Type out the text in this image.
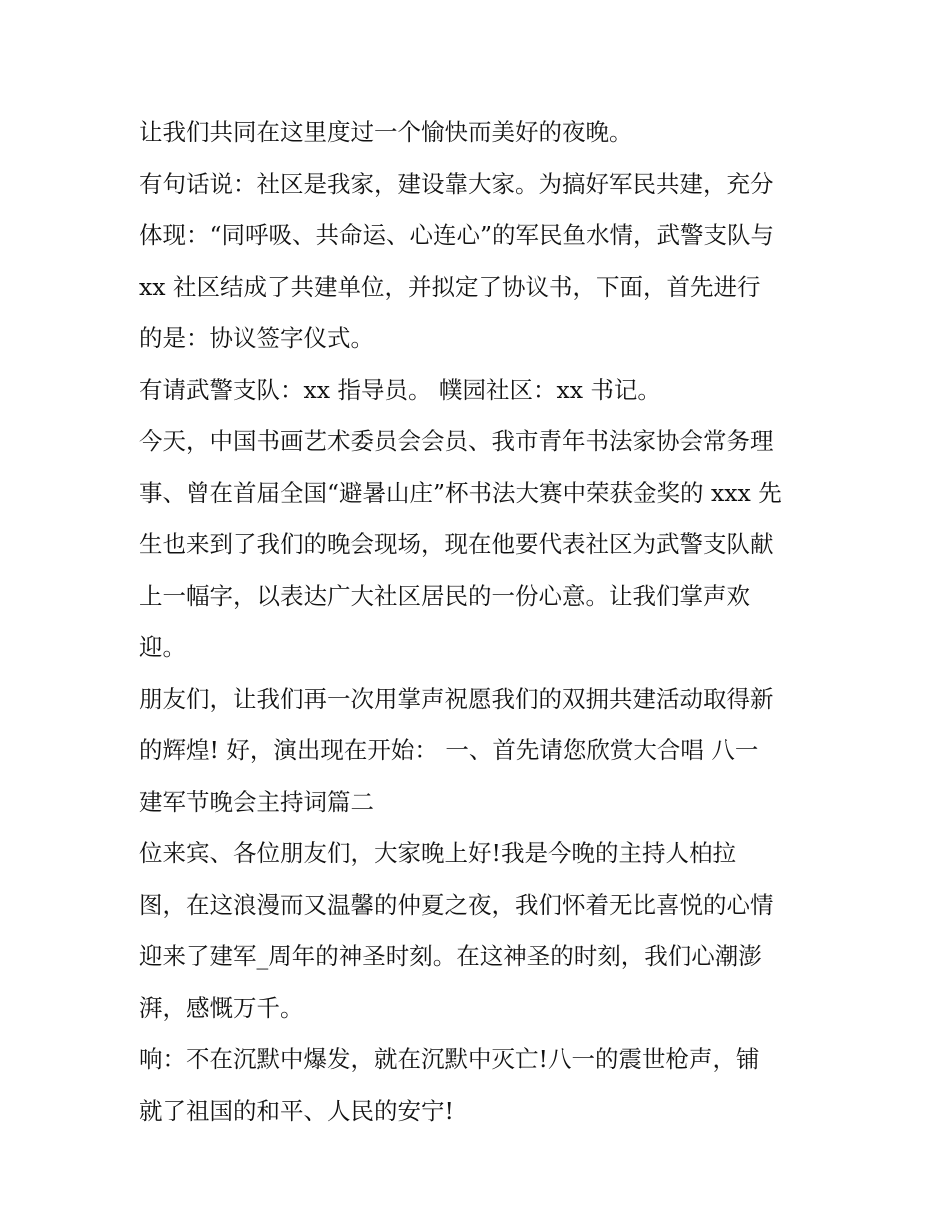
让我们共同在这里度过一个愉快而美好的夜晚。
有句话说：社区是我家，建设靠大家。为搞好军民共建，充分
体现：“同呼吸、共命运、心连心”的军民鱼水情，武警支队与
xx 社区结成了共建单位，并拟定了协议书，下面，首先进行
的是：协议签字仪式。
有请武警支队：xx 指导员。 幞园社区：xx 书记。
今天，中国书画艺术委员会会员、我市青年书法家协会常务理
事、曾在首届全国“避暑山庄”杯书法大赛中荣获金奖的 xxx 先
生也来到了我们的晚会现场，现在他要代表社区为武警支队献
上一幅字，以表达广大社区居民的一份心意。让我们掌声欢
迎。
朋友们，让我们再一次用掌声祝愿我们的双拥共建活动取得新
的辉煌! 好，演出现在开始： 一、首先请您欣赏大合唱 八一
建军节晚会主持词篇二
位来宾、各位朋友们，大家晚上好!我是今晚的主持人柏拉
图，在这浪漫而又温馨的仲夏之夜，我们怀着无比喜悦的心情
迎来了建军_周年的神圣时刻。在这神圣的时刻，我们心潮澎
湃，感慨万千。
响：不在沉默中爆发，就在沉默中灭亡!八一的震世枪声，铺
就了祖国的和平、人民的安宁!
